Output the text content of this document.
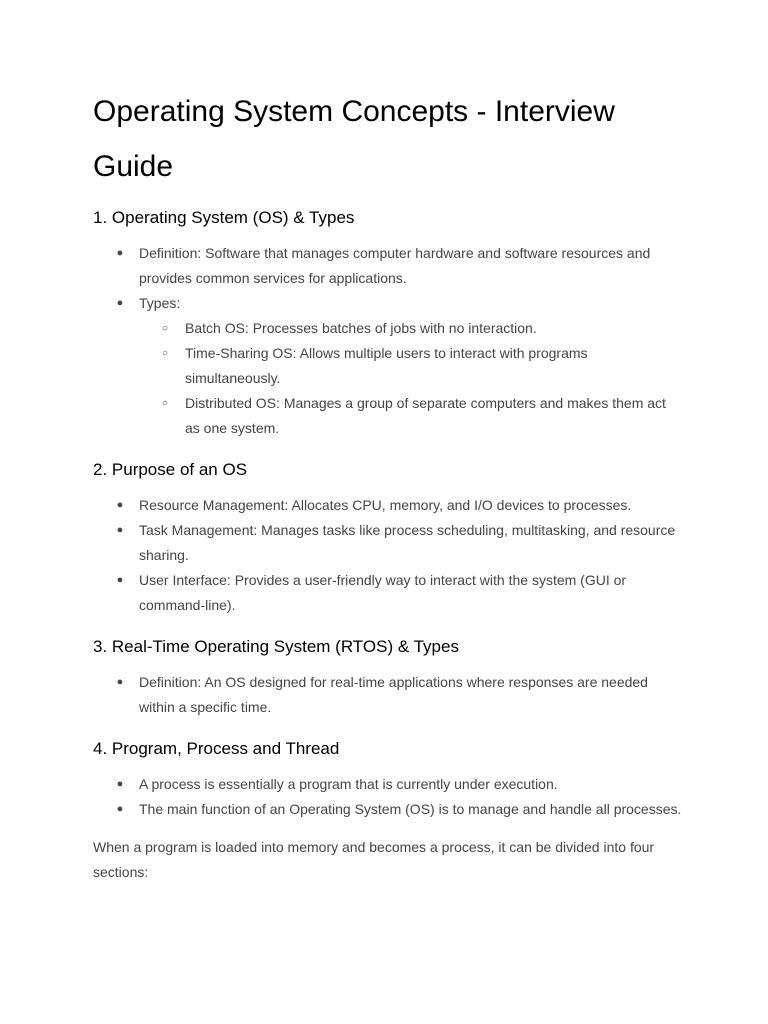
Operating System Concepts - Interview Guide
1. Operating System (OS) & Types
● Definition: Software that manages computer hardware and software resources and provides common services for applications.
● Types:
○ Batch OS: Processes batches of jobs with no interaction.
○ Time-Sharing OS: Allows multiple users to interact with programs simultaneously.
○ Distributed OS: Manages a group of separate computers and makes them act as one system.
2. Purpose of an OS
● Resource Management: Allocates CPU, memory, and I/O devices to processes.
● Task Management: Manages tasks like process scheduling, multitasking, and resource sharing.
● User Interface: Provides a user-friendly way to interact with the system (GUI or command-line).
3. Real-Time Operating System (RTOS) & Types
● Definition: An OS designed for real-time applications where responses are needed within a specific time.
4. Program, Process and Thread
● A process is essentially a program that is currently under execution.
● The main function of an Operating System (OS) is to manage and handle all processes.

When a program is loaded into memory and becomes a process, it can be divided into four sections:
